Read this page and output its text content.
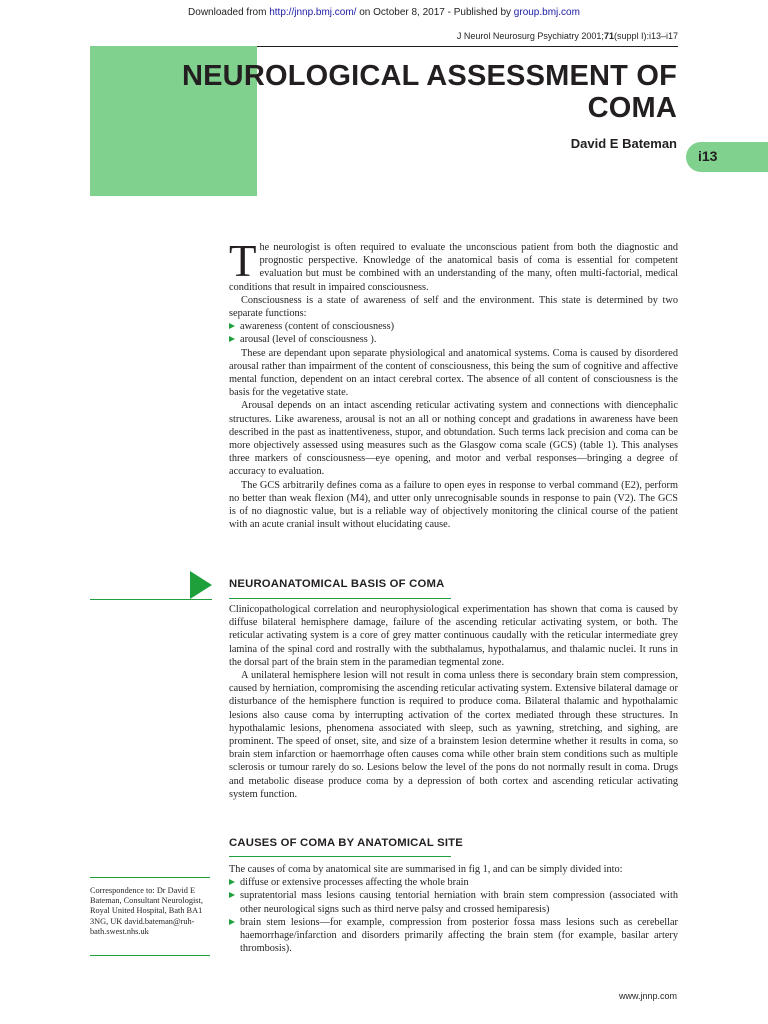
Downloaded from http://jnnp.bmj.com/ on October 8, 2017 - Published by group.bmj.com
J Neurol Neurosurg Psychiatry 2001;71(suppl I):i13–i17
NEUROLOGICAL ASSESSMENT OF COMA
David E Bateman
i13

The neurologist is often required to evaluate the unconscious patient from both the diagnostic and prognostic perspective. Knowledge of the anatomical basis of coma is essential for competent evaluation but must be combined with an understanding of the many, often multi-factorial, medical conditions that result in impaired consciousness.

Consciousness is a state of awareness of self and the environment. This state is determined by two separate functions:

awareness (content of consciousness)
arousal (level of consciousness ).

These are dependant upon separate physiological and anatomical systems. Coma is caused by disordered arousal rather than impairment of the content of consciousness, this being the sum of cognitive and affective mental function, dependent on an intact cerebral cortex. The absence of all content of consciousness is the basis for the vegetative state.

Arousal depends on an intact ascending reticular activating system and connections with diencephalic structures. Like awareness, arousal is not an all or nothing concept and gradations in awareness have been described in the past as inattentiveness, stupor, and obtundation. Such terms lack precision and coma can be more objectively assessed using measures such as the Glasgow coma scale (GCS) (table 1). This analyses three markers of consciousness—eye opening, and motor and verbal responses—bringing a degree of accuracy to evaluation.

The GCS arbitrarily defines coma as a failure to open eyes in response to verbal command (E2), perform no better than weak flexion (M4), and utter only unrecognisable sounds in response to pain (V2). The GCS is of no diagnostic value, but is a reliable way of objectively monitoring the clinical course of the patient with an acute cranial insult without elucidating cause.

NEUROANATOMICAL BASIS OF COMA

Clinicopathological correlation and neurophysiological experimentation has shown that coma is caused by diffuse bilateral hemisphere damage, failure of the ascending reticular activating system, or both. The reticular activating system is a core of grey matter continuous caudally with the reticular intermediate grey lamina of the spinal cord and rostrally with the subthalamus, hypothalamus, and thalamic nuclei. It runs in the dorsal part of the brain stem in the paramedian tegmental zone.

A unilateral hemisphere lesion will not result in coma unless there is secondary brain stem compression, caused by herniation, compromising the ascending reticular activating system. Extensive bilateral damage or disturbance of the hemisphere function is required to produce coma. Bilateral thalamic and hypothalamic lesions also cause coma by interrupting activation of the cortex mediated through these structures. In hypothalamic lesions, phenomena associated with sleep, such as yawning, stretching, and sighing, are prominent. The speed of onset, site, and size of a brainstem lesion determine whether it results in coma, so brain stem infarction or haemorrhage often causes coma while other brain stem conditions such as multiple sclerosis or tumour rarely do so. Lesions below the level of the pons do not normally result in coma. Drugs and metabolic disease produce coma by a depression of both cortex and ascending reticular activating system function.

CAUSES OF COMA BY ANATOMICAL SITE

The causes of coma by anatomical site are summarised in fig 1, and can be simply divided into:

diffuse or extensive processes affecting the whole brain
supratentorial mass lesions causing tentorial herniation with brain stem compression (associated with other neurological signs such as third nerve palsy and crossed hemiparesis)
brain stem lesions—for example, compression from posterior fossa mass lesions such as cerebellar haemorrhage/infarction and disorders primarily affecting the brain stem (for example, basilar artery thrombosis).
Correspondence to: Dr David E Bateman, Consultant Neurologist, Royal United Hospital, Bath BA1 3NG, UK david.bateman@ruh-bath.swest.nhs.uk
www.jnnp.com
